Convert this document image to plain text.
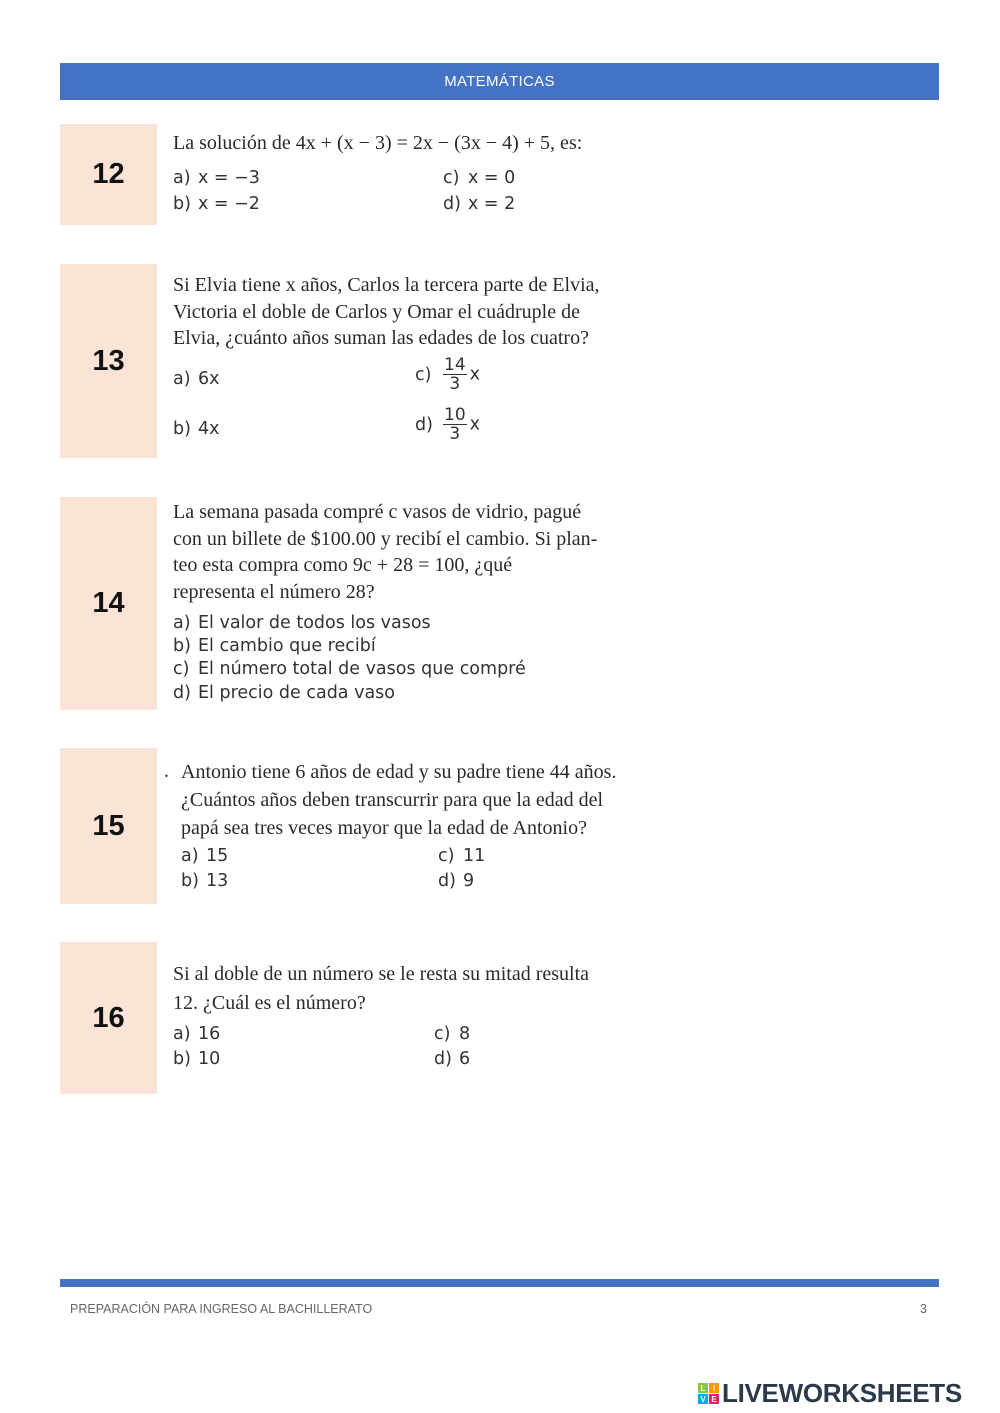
MATEMÁTICAS
12
La solución de 4x + (x − 3) = 2x − (3x − 4) + 5, es:
a) x = −3	c) x = 0
b) x = −2	d) x = 2
13
Si Elvia tiene x años, Carlos la tercera parte de Elvia,
Victoria el doble de Carlos y Omar el cuádruple de
Elvia, ¿cuánto años suman las edades de los cuatro?
a) 6x	$c) \frac{14}{3}$ x
b) 4x	$d) \frac{10}{3}$ x
14
La semana pasada compré c vasos de vidrio, pagué
con un billete de $100.00 y recibí el cambio. Si plan-
teo esta compra como 9c + 28 = 100, ¿qué
representa el número 28?
a) El valor de todos los vasos
b) El cambio que recibí
c) El número total de vasos que compré
d) El precio de cada vaso
15
. Antonio tiene 6 años de edad y su padre tiene 44 años.
¿Cuántos años deben transcurrir para que la edad del
papá sea tres veces mayor que la edad de Antonio?
a) 15	c) 11
b) 13	d) 9
16
Si al doble de un número se le resta su mitad resulta
12. ¿Cuál es el número?
a) 16	c) 8
b) 10	d) 6
PREPARACIÓN PARA INGRESO AL BACHILLERATO	3
L I
V E LIVEWORKSHEETS
